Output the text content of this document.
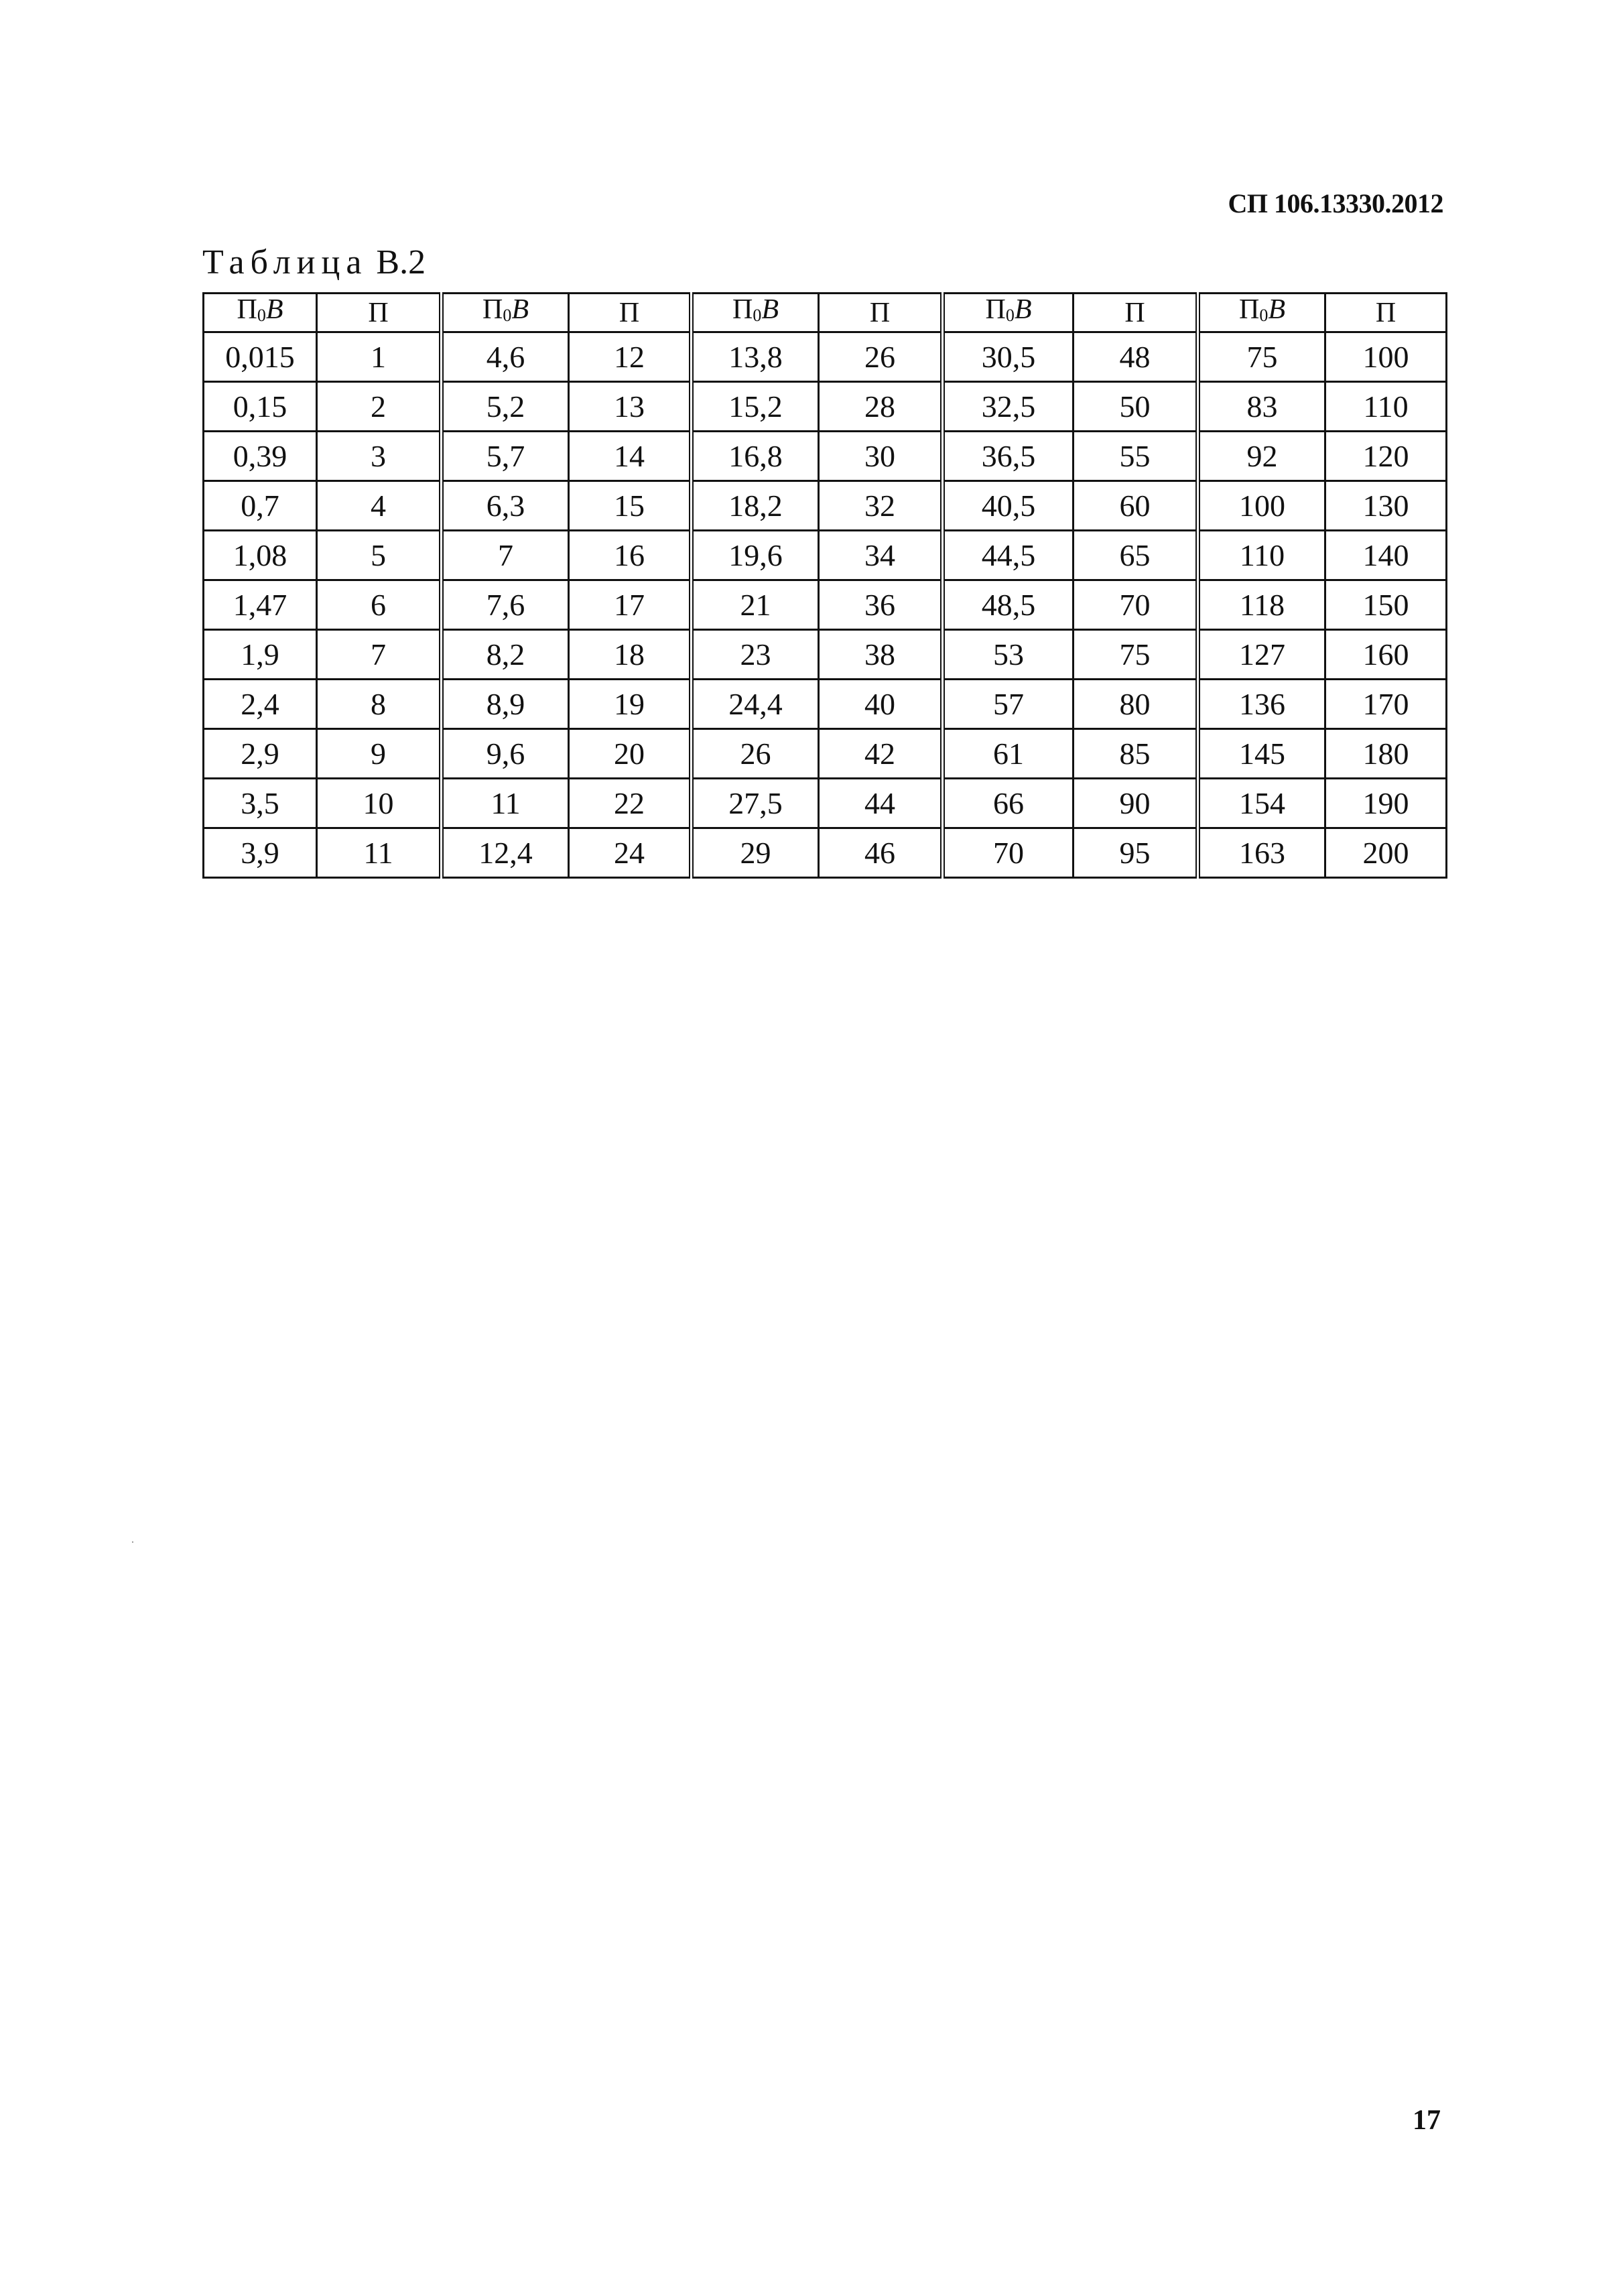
СП 106.13330.2012
Таблица В.2
$П_0B$	П	$П_0B$	П	$П_0B$	П	$П_0B$	П	$П_0B$	П
0,015	1	4,6	12	13,8	26	30,5	48	75	100
0,15	2	5,2	13	15,2	28	32,5	50	83	110
0,39	3	5,7	14	16,8	30	36,5	55	92	120
0,7	4	6,3	15	18,2	32	40,5	60	100	130
1,08	5	7	16	19,6	34	44,5	65	110	140
1,47	6	7,6	17	21	36	48,5	70	118	150
1,9	7	8,2	18	23	38	53	75	127	160
2,4	8	8,9	19	24,4	40	57	80	136	170
2,9	9	9,6	20	26	42	61	85	145	180
3,5	10	11	22	27,5	44	66	90	154	190
3,9	11	12,4	24	29	46	70	95	163	200
17
